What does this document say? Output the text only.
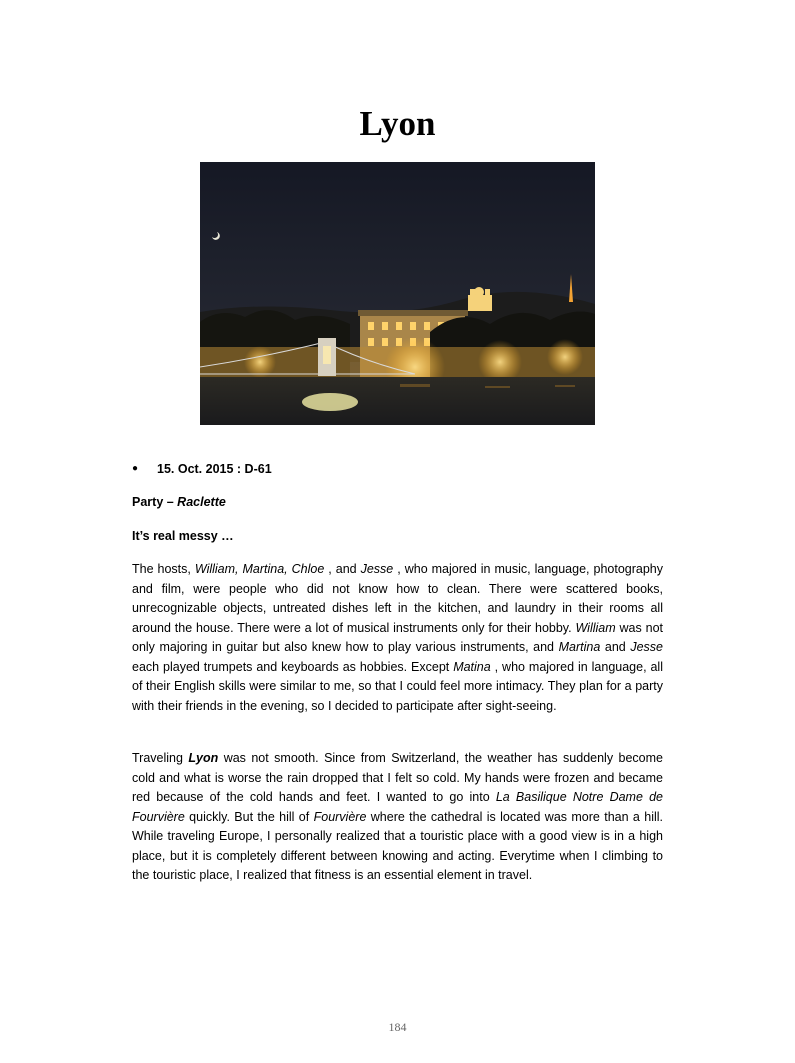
Lyon
● 15. Oct. 2015 : D-61
Party – Raclette
It’s real messy …

The hosts, William, Martina, Chloe , and Jesse , who majored in music, language, photography and film, were people who did not know how to clean. There were scattered books, unrecognizable objects, untreated dishes left in the kitchen, and laundry in their rooms all around the house. There were a lot of musical instruments only for their hobby. William was not only majoring in guitar but also knew how to play various instruments, and Martina and Jesse each played trumpets and keyboards as hobbies. Except Matina , who majored in language, all of their English skills were similar to me, so that I could feel more intimacy. They plan for a party with their friends in the evening, so I decided to participate after sight-seeing.

Traveling Lyon was not smooth. Since from Switzerland, the weather has suddenly become cold and what is worse the rain dropped that I felt so cold. My hands were frozen and became red because of the cold hands and feet. I wanted to go into La Basilique Notre Dame de Fourvière quickly. But the hill of Fourvière where the cathedral is located was more than a hill. While traveling Europe, I personally realized that a touristic place with a good view is in a high place, but it is completely different between knowing and acting. Everytime when I climbing to the touristic place, I realized that fitness is an essential element in travel.

184
